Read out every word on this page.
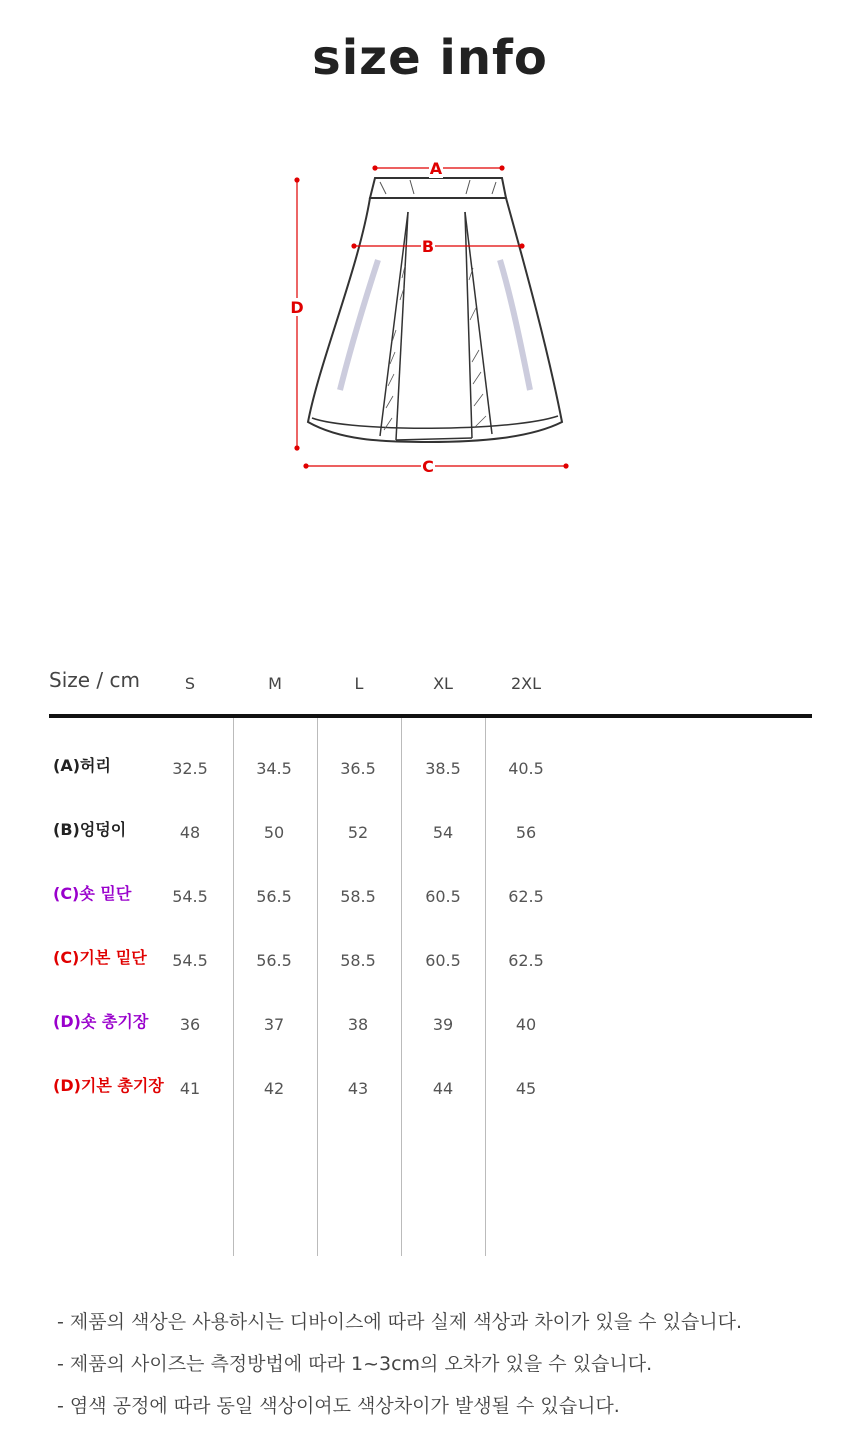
size info
A
B
C
D
Size / cm	S	M	L	XL	2XL
(A)허리	32.5	34.5	36.5	38.5	40.5
(B)엉덩이	48	50	52	54	56
(C)숏 밑단	54.5	56.5	58.5	60.5	62.5
(C)기본 밑단	54.5	56.5	58.5	60.5	62.5
(D)숏 총기장	36	37	38	39	40
(D)기본 총기장	41	42	43	44	45
- 제품의 색상은 사용하시는 디바이스에 따라 실제 색상과 차이가 있을 수 있습니다.
- 제품의 사이즈는 측정방법에 따라 1~3cm의 오차가 있을 수 있습니다.
- 염색 공정에 따라 동일 색상이여도 색상차이가 발생될 수 있습니다.
